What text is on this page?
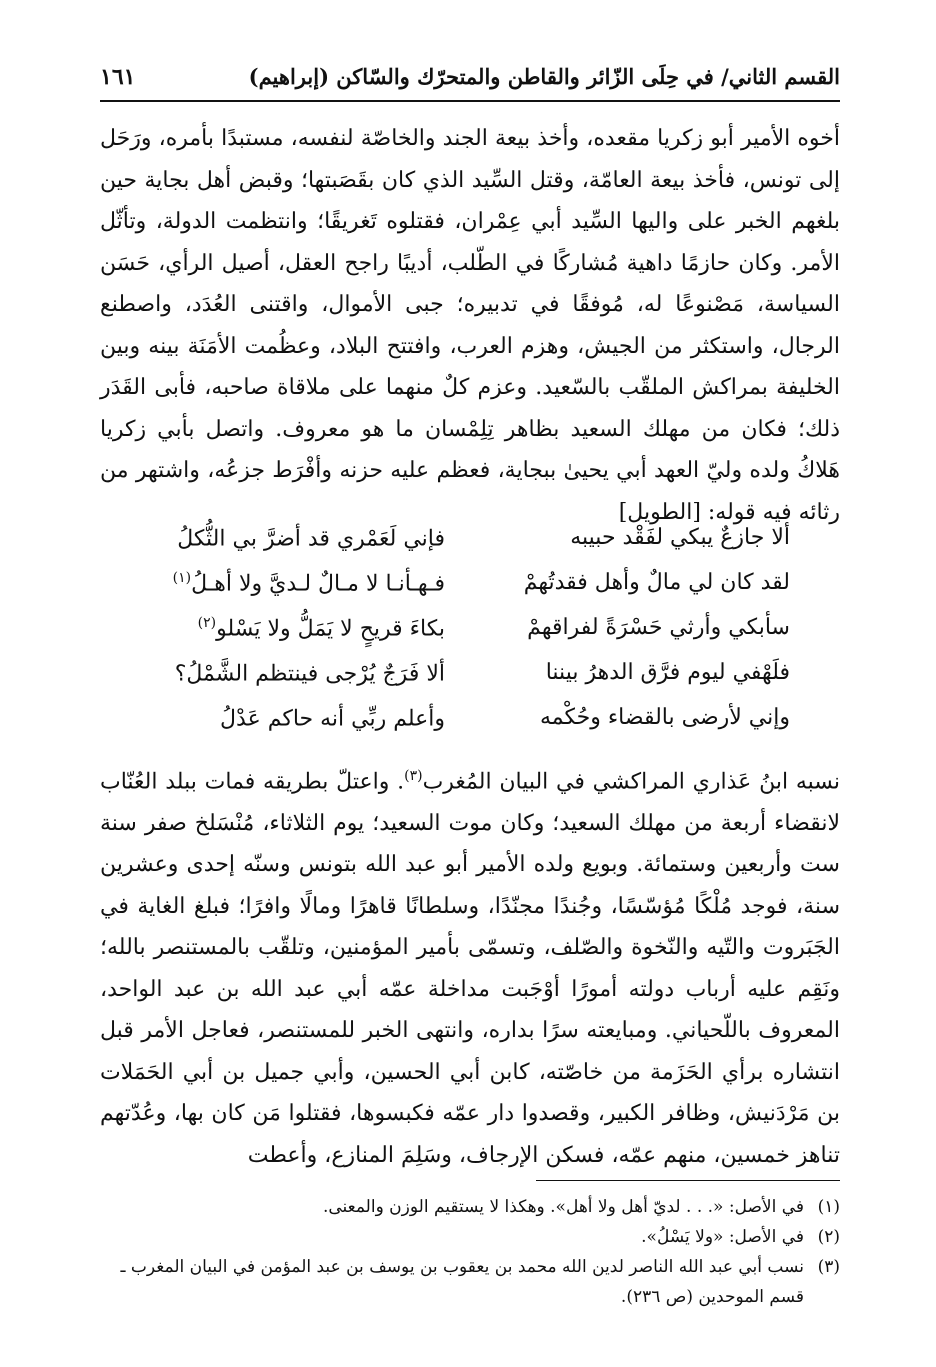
القسم الثاني/ في حِلَى الزّائر والقاطن والمتحرّك والسّاكن (إبراهيم)
١٦١

أخوه الأمير أبو زكريا مقعده، وأخذ بيعة الجند والخاصّة لنفسه، مستبدًا بأمره، ورَحَل إلى تونس، فأخذ بيعة العامّة، وقتل السِّيد الذي كان بقَصَبتها؛ وقبض أهل بجاية حين بلغهم الخبر على واليها السِّيد أبي عِمْران، فقتلوه تَغريقًا؛ وانتظمت الدولة، وتأثّل الأمر. وكان حازمًا داهية مُشاركًا في الطّلب، أديبًا راجح العقل، أصيل الرأي، حَسَن السياسة، مَصْنوعًا له، مُوفقًا في تدبيره؛ جبى الأموال، واقتنى العُدَد، واصطنع الرجال، واستكثر من الجيش، وهزم العرب، وافتتح البلاد، وعظُمت الأمَنَة بينه وبين الخليفة بمراكش الملقّب بالسّعيد. وعزم كلٌ منهما على ملاقاة صاحبه، فأبى القَدَر ذلك؛ فكان من مهلك السعيد بظاهر تِلِمْسان ما هو معروف. واتصل بأبي زكريا هَلاكُ ولده وليّ العهد أبي يحيىٰ ببجاية، فعظم عليه حزنه وأفْرَط جزعُه، واشتهر من رثائه فيه قوله: [الطويل]

ألا جازعٌ يبكي لفَقْد حبيبه
فإني لَعَمْري قد أضرَّ بي الثُّكلُ
لقد كان لي مالٌ وأهل فقدتُهمْ
فـهـأنـا لا مـالٌ لـديَّ ولا أهـلُ$^{(١)}$
سأبكي وأرثي حَسْرَةً لفراقهمْ
بكاءَ قريحٍ لا يَمَلُّ ولا يَسْلو$^{(٢)}$
فلَهْفي ليوم فرَّق الدهرُ بيننا
ألا فَرَجٌ يُرْجى فينتظم الشَّمْلُ؟
وإني لأرضى بالقضاء وحُكْمه
وأعلم ربِّي أنه حاكم عَدْلُ

نسبه ابنُ عَذاري المراكشي في البيان المُغرب$^{(٣)}$. واعتلّ بطريقه فمات ببلد العُنّاب لانقضاء أربعة من مهلك السعيد؛ وكان موت السعيد؛ يوم الثلاثاء، مُنْسَلخ صفر سنة ست وأربعين وستمائة. وبويع ولده الأمير أبو عبد الله بتونس وسنّه إحدى وعشرين سنة، فوجد مُلْكًا مُؤسّسًا، وجُندًا مجنّدًا، وسلطانًا قاهرًا ومالًا وافرًا؛ فبلغ الغاية في الجَبَروت والتّيه والنّخوة والصّلف، وتسمّى بأمير المؤمنين، وتلقّب بالمستنصر بالله؛ ونَقِم عليه أرباب دولته أمورًا أوْجَبت مداخلة عمّه أبي عبد الله بن عبد الواحد، المعروف باللّحياني. ومبايعته سرًا بداره، وانتهى الخبر للمستنصر، فعاجل الأمر قبل انتشاره برأي الحَزَمة من خاصّته، كابن أبي الحسين، وأبي جميل بن أبي الحَمَلات بن مَرْدَنيش، وظافر الكبير، وقصدوا دار عمّه فكبسوها، فقتلوا مَن كان بها، وعُدّتهم تناهز خمسين، منهم عمّه، فسكن الإرجاف، وسَلِمَ المنازع، وأعطت

(١)
في الأصل: «. . . لديّ أهل ولا أهل». وهكذا لا يستقيم الوزن والمعنى.
(٢)
في الأصل: «ولا يَسْلُ».
(٣)
نسب أبي عبد الله الناصر لدين الله محمد بن يعقوب بن يوسف بن عبد المؤمن في البيان المغرب ـ قسم الموحدين (ص ٢٣٦).
